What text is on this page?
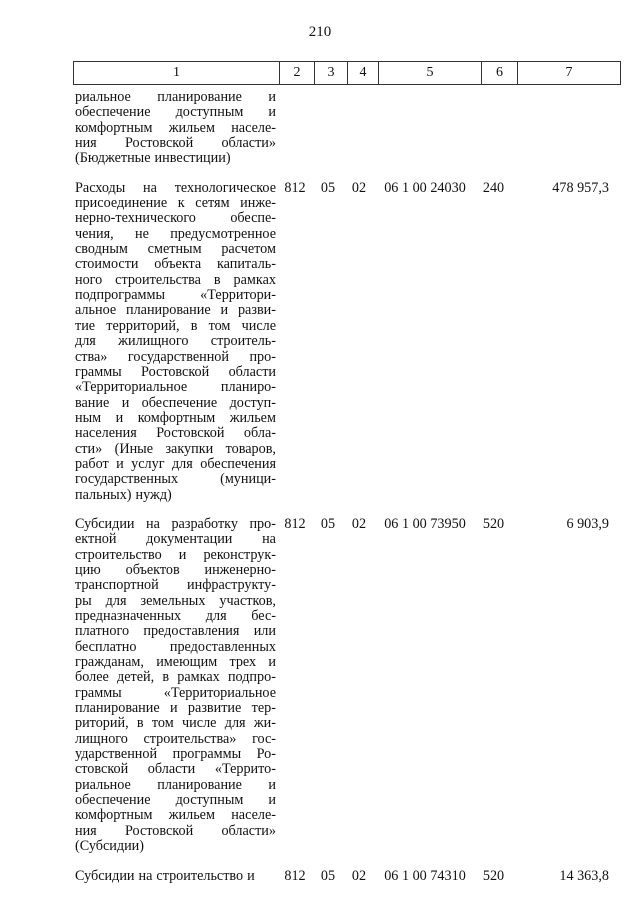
210
1	2	3	4	5	6	7
риальное планирование и
обеспечение доступным и
комфортным жильем населе-
ния Ростовской области»
(Бюджетные инвестиции)
Расходы на технологическое
присоединение к сетям инже-
нерно-технического обеспе-
чения, не предусмотренное
сводным сметным расчетом
стоимости объекта капиталь-
ного строительства в рамках
подпрограммы «Территори-
альное планирование и разви-
тие территорий, в том числе
для жилищного строитель-
ства» государственной про-
граммы Ростовской области
«Территориальное планиро-
вание и обеспечение доступ-
ным и комфортным жильем
населения Ростовской обла-
сти» (Иные закупки товаров,
работ и услуг для обеспечения
государственных	(муници-
пальных) нужд)
812	05	02	06 1 00 24030	240	478 957,3
Субсидии на разработку про-
ектной документации на
строительство и реконструк-
цию объектов инженерно-
транспортной инфраструкту-
ры для земельных участков,
предназначенных для бес-
платного предоставления или
бесплатно предоставленных
гражданам, имеющим трех и
более детей, в рамках подпро-
граммы	«Территориальное
планирование и развитие тер-
риторий, в том числе для жи-
лищного строительства» гос-
ударственной программы Ро-
стовской области «Террито-
риальное планирование и
обеспечение доступным и
комфортным жильем населе-
ния Ростовской области»
(Субсидии)
812	05	02	06 1 00 73950	520	6 903,9
Субсидии на строительство и	812	05	02	06 1 00 74310	520	14 363,8
